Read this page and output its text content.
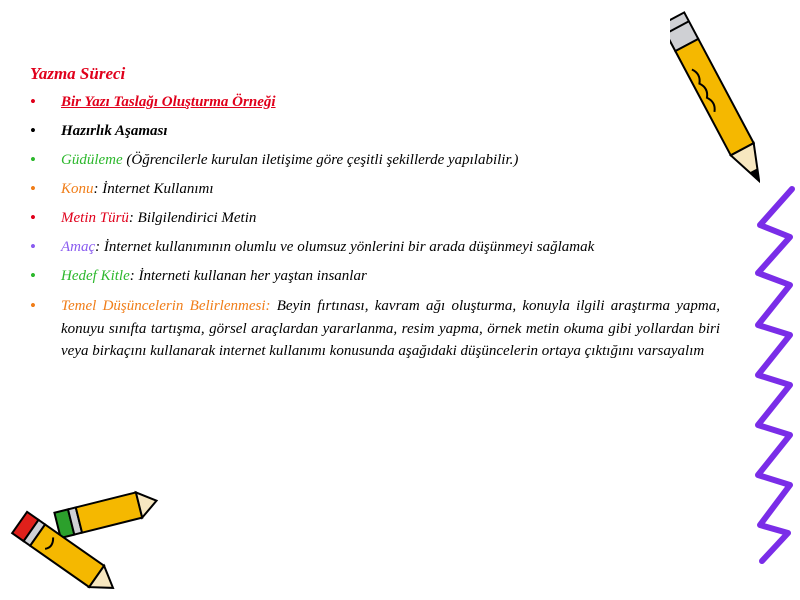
Yazma Süreci

• Bir Yazı Taslağı Oluşturma Örneği
• Hazırlık Aşaması
• Güdüleme (Öğrencilerle kurulan iletişime göre çeşitli şekillerde yapılabilir.)
• Konu: İnternet Kullanımı
• Metin Türü: Bilgilendirici Metin
• Amaç: İnternet kullanımının olumlu ve olumsuz yönlerini bir arada düşünmeyi sağlamak
• Hedef Kitle: İnterneti kullanan her yaştan insanlar
• Temel Düşüncelerin Belirlenmesi: Beyin fırtınası, kavram ağı oluşturma, konuyla ilgili araştırma yapma, konuyu sınıfta tartışma, görsel araçlardan yararlanma, resim yapma, örnek metin okuma gibi yollardan biri veya birkaçını kullanarak internet kullanımı konusunda aşağıdaki düşüncelerin ortaya çıktığını varsayalım
